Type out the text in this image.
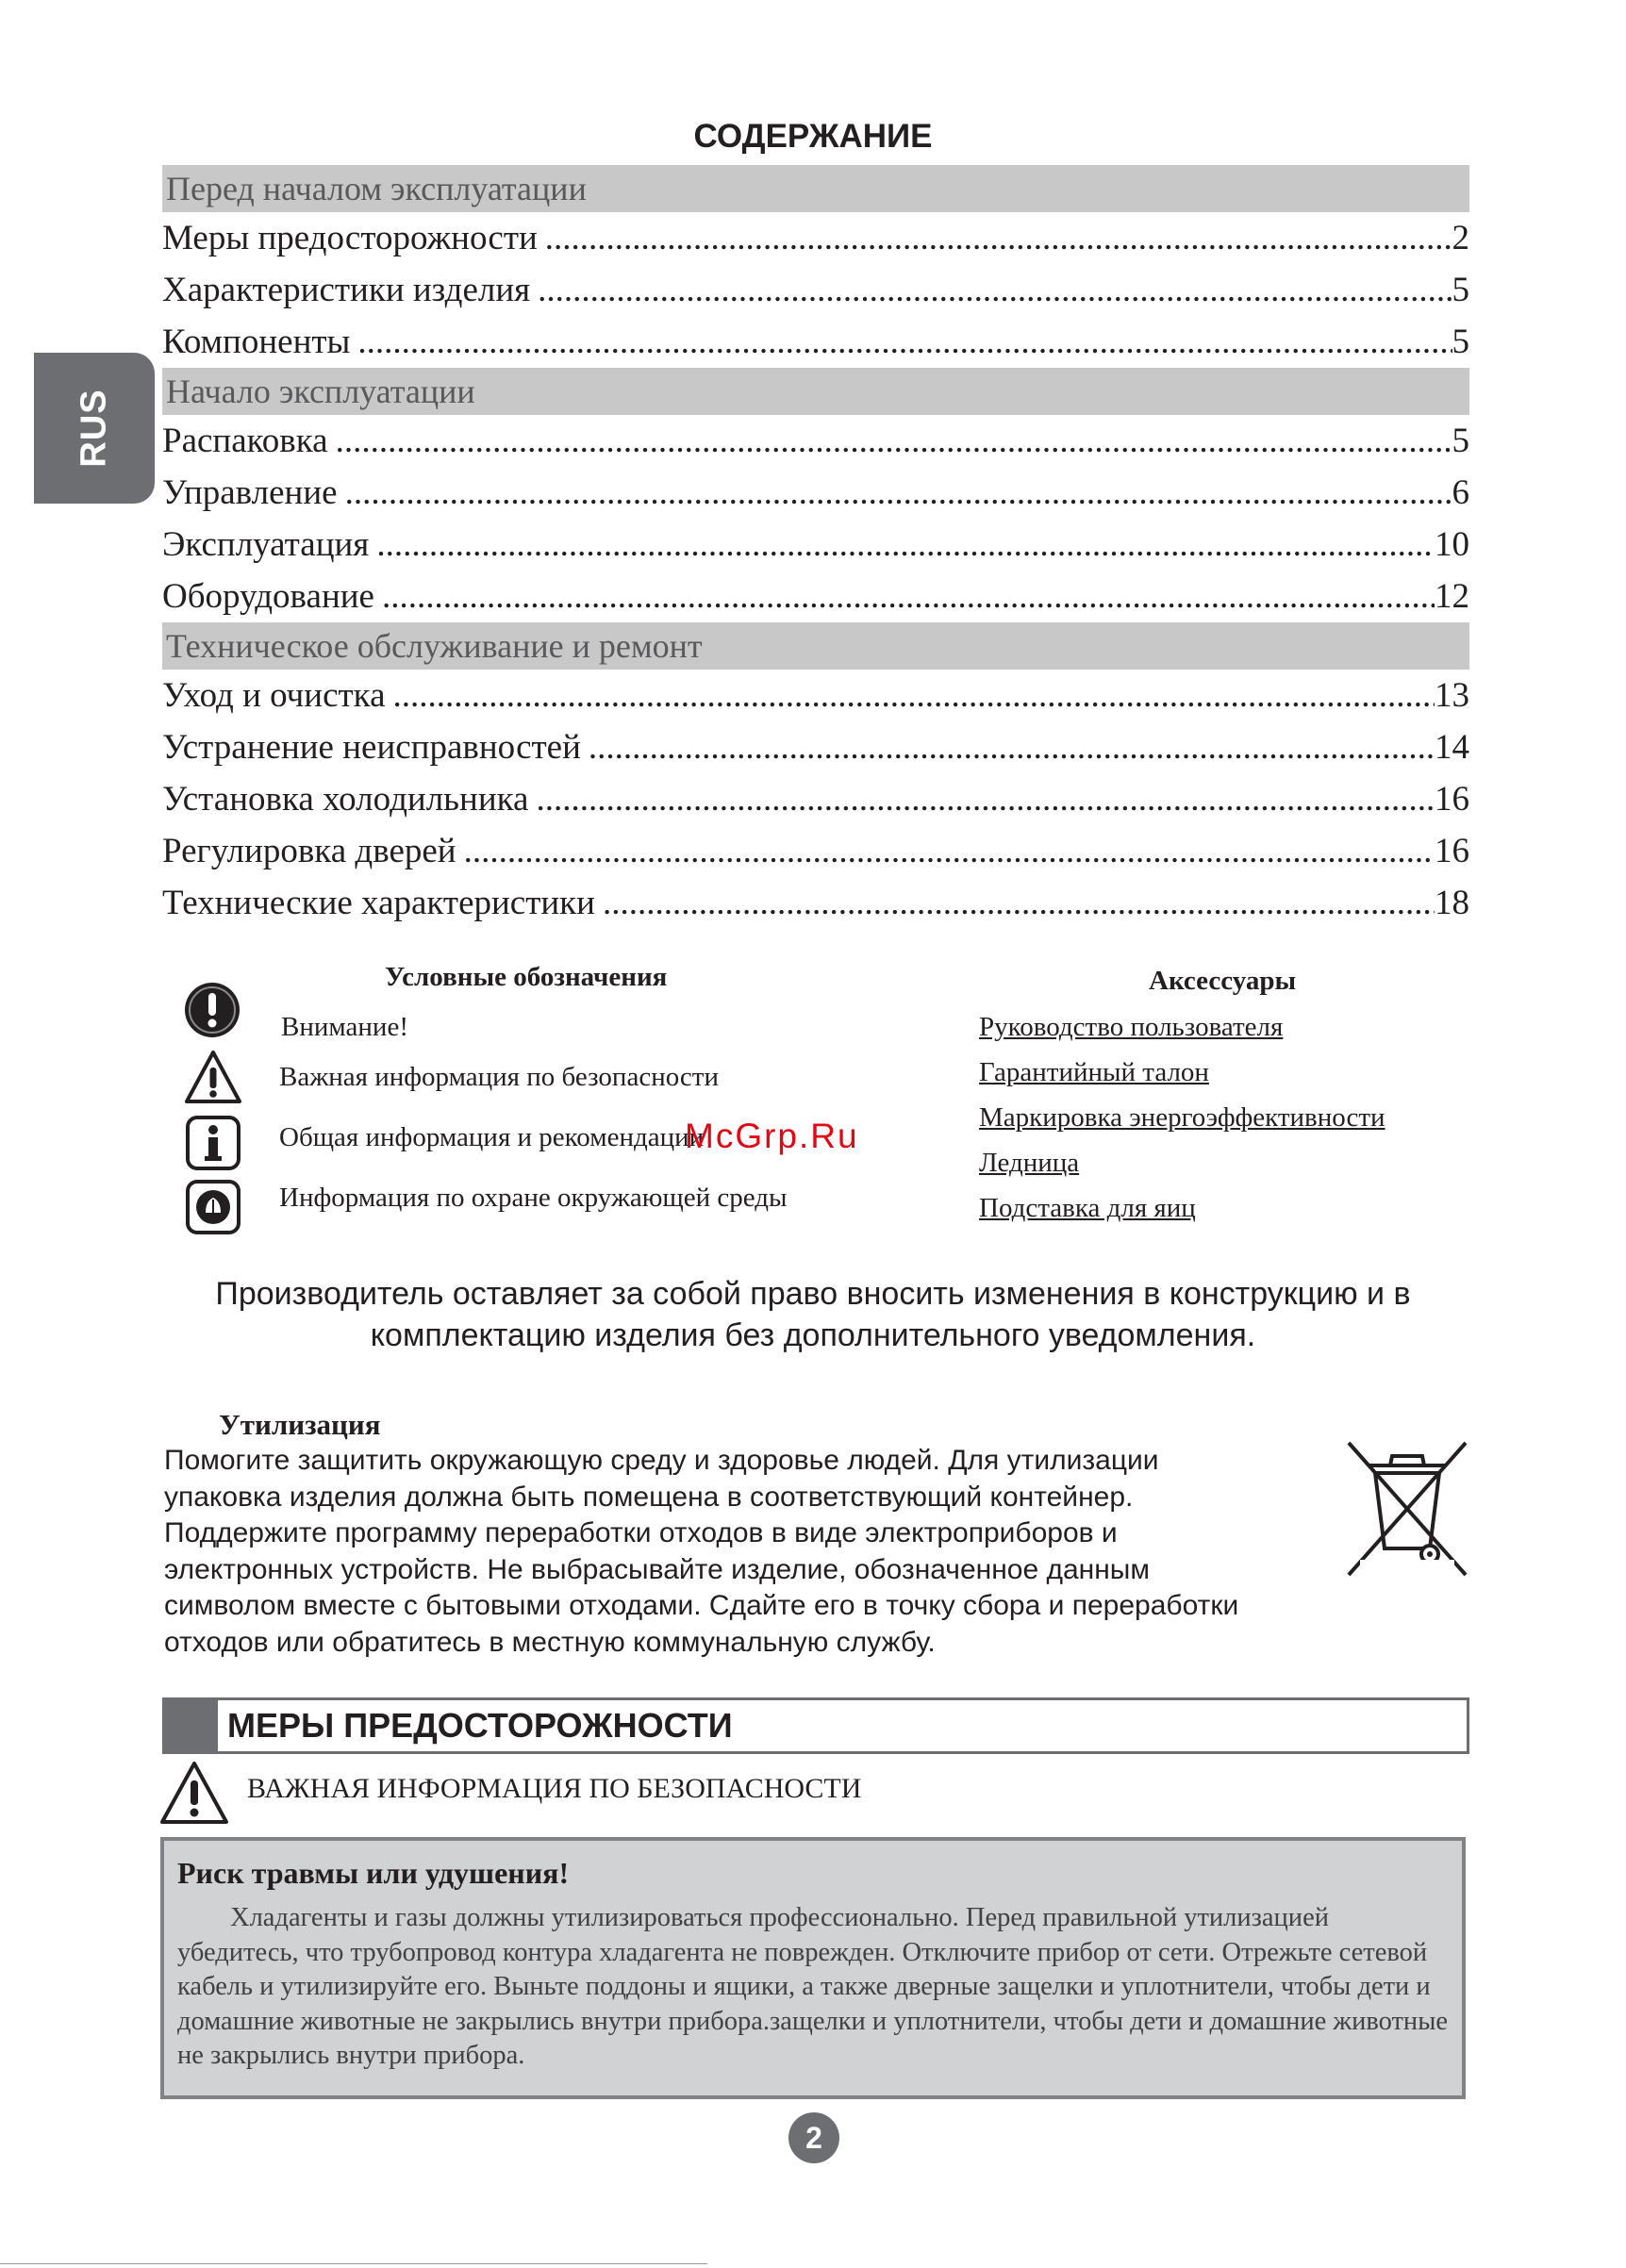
RUS
СОДЕРЖАНИЕ
Перед началом эксплуатации
Меры предосторожности .....	2
Характеристики изделия .....	5
Компоненты .....	5
Начало эксплуатации
Распаковка .....	5
Управление .....	6
Эксплуатация .....	10
Оборудование .....	12
Техническое обслуживание и ремонт
Уход и очистка .....	13
Устранение неисправностей .....	14
Установка холодильника .....	16
Регулировка дверей .....	16
Технические характеристики .....	18
Условные обозначения
Внимание!
Важная информация по безопасности
Общая информация и рекомендации
Информация по охране окружающей среды
Аксессуары
Руководство пользователя
Гарантийный талон
Маркировка энергоэффективности
Ледница
Подставка для яиц
McGrp.Ru
Производитель оставляет за собой право вносить изменения в конструкцию и в
комплектацию изделия без дополнительного уведомления.
Утилизация
Помогите защитить окружающую среду и здоровье людей. Для утилизации
упаковка изделия должна быть помещена в соответствующий контейнер.
Поддержите программу переработки отходов в виде электроприборов и
электронных устройств. Не выбрасывайте изделие, обозначенное данным
символом вместе с бытовыми отходами. Сдайте его в точку сбора и переработки
отходов или обратитесь в местную коммунальную службу.
МЕРЫ ПРЕДОСТОРОЖНОСТИ
ВАЖНАЯ ИНФОРМАЦИЯ ПО БЕЗОПАСНОСТИ
Риск травмы или удушения!
Хладагенты и газы должны утилизироваться профессионально. Перед правильной утилизацией убедитесь, что трубопровод контура хладагента не поврежден. Отключите прибор от сети. Отрежьте сетевой кабель и утилизируйте его. Выньте поддоны и ящики, а также дверные защелки и уплотнители, чтобы дети и домашние животные не закрылись внутри прибора.защелки и уплотнители, чтобы дети и домашние животные не закрылись внутри прибора.
2
